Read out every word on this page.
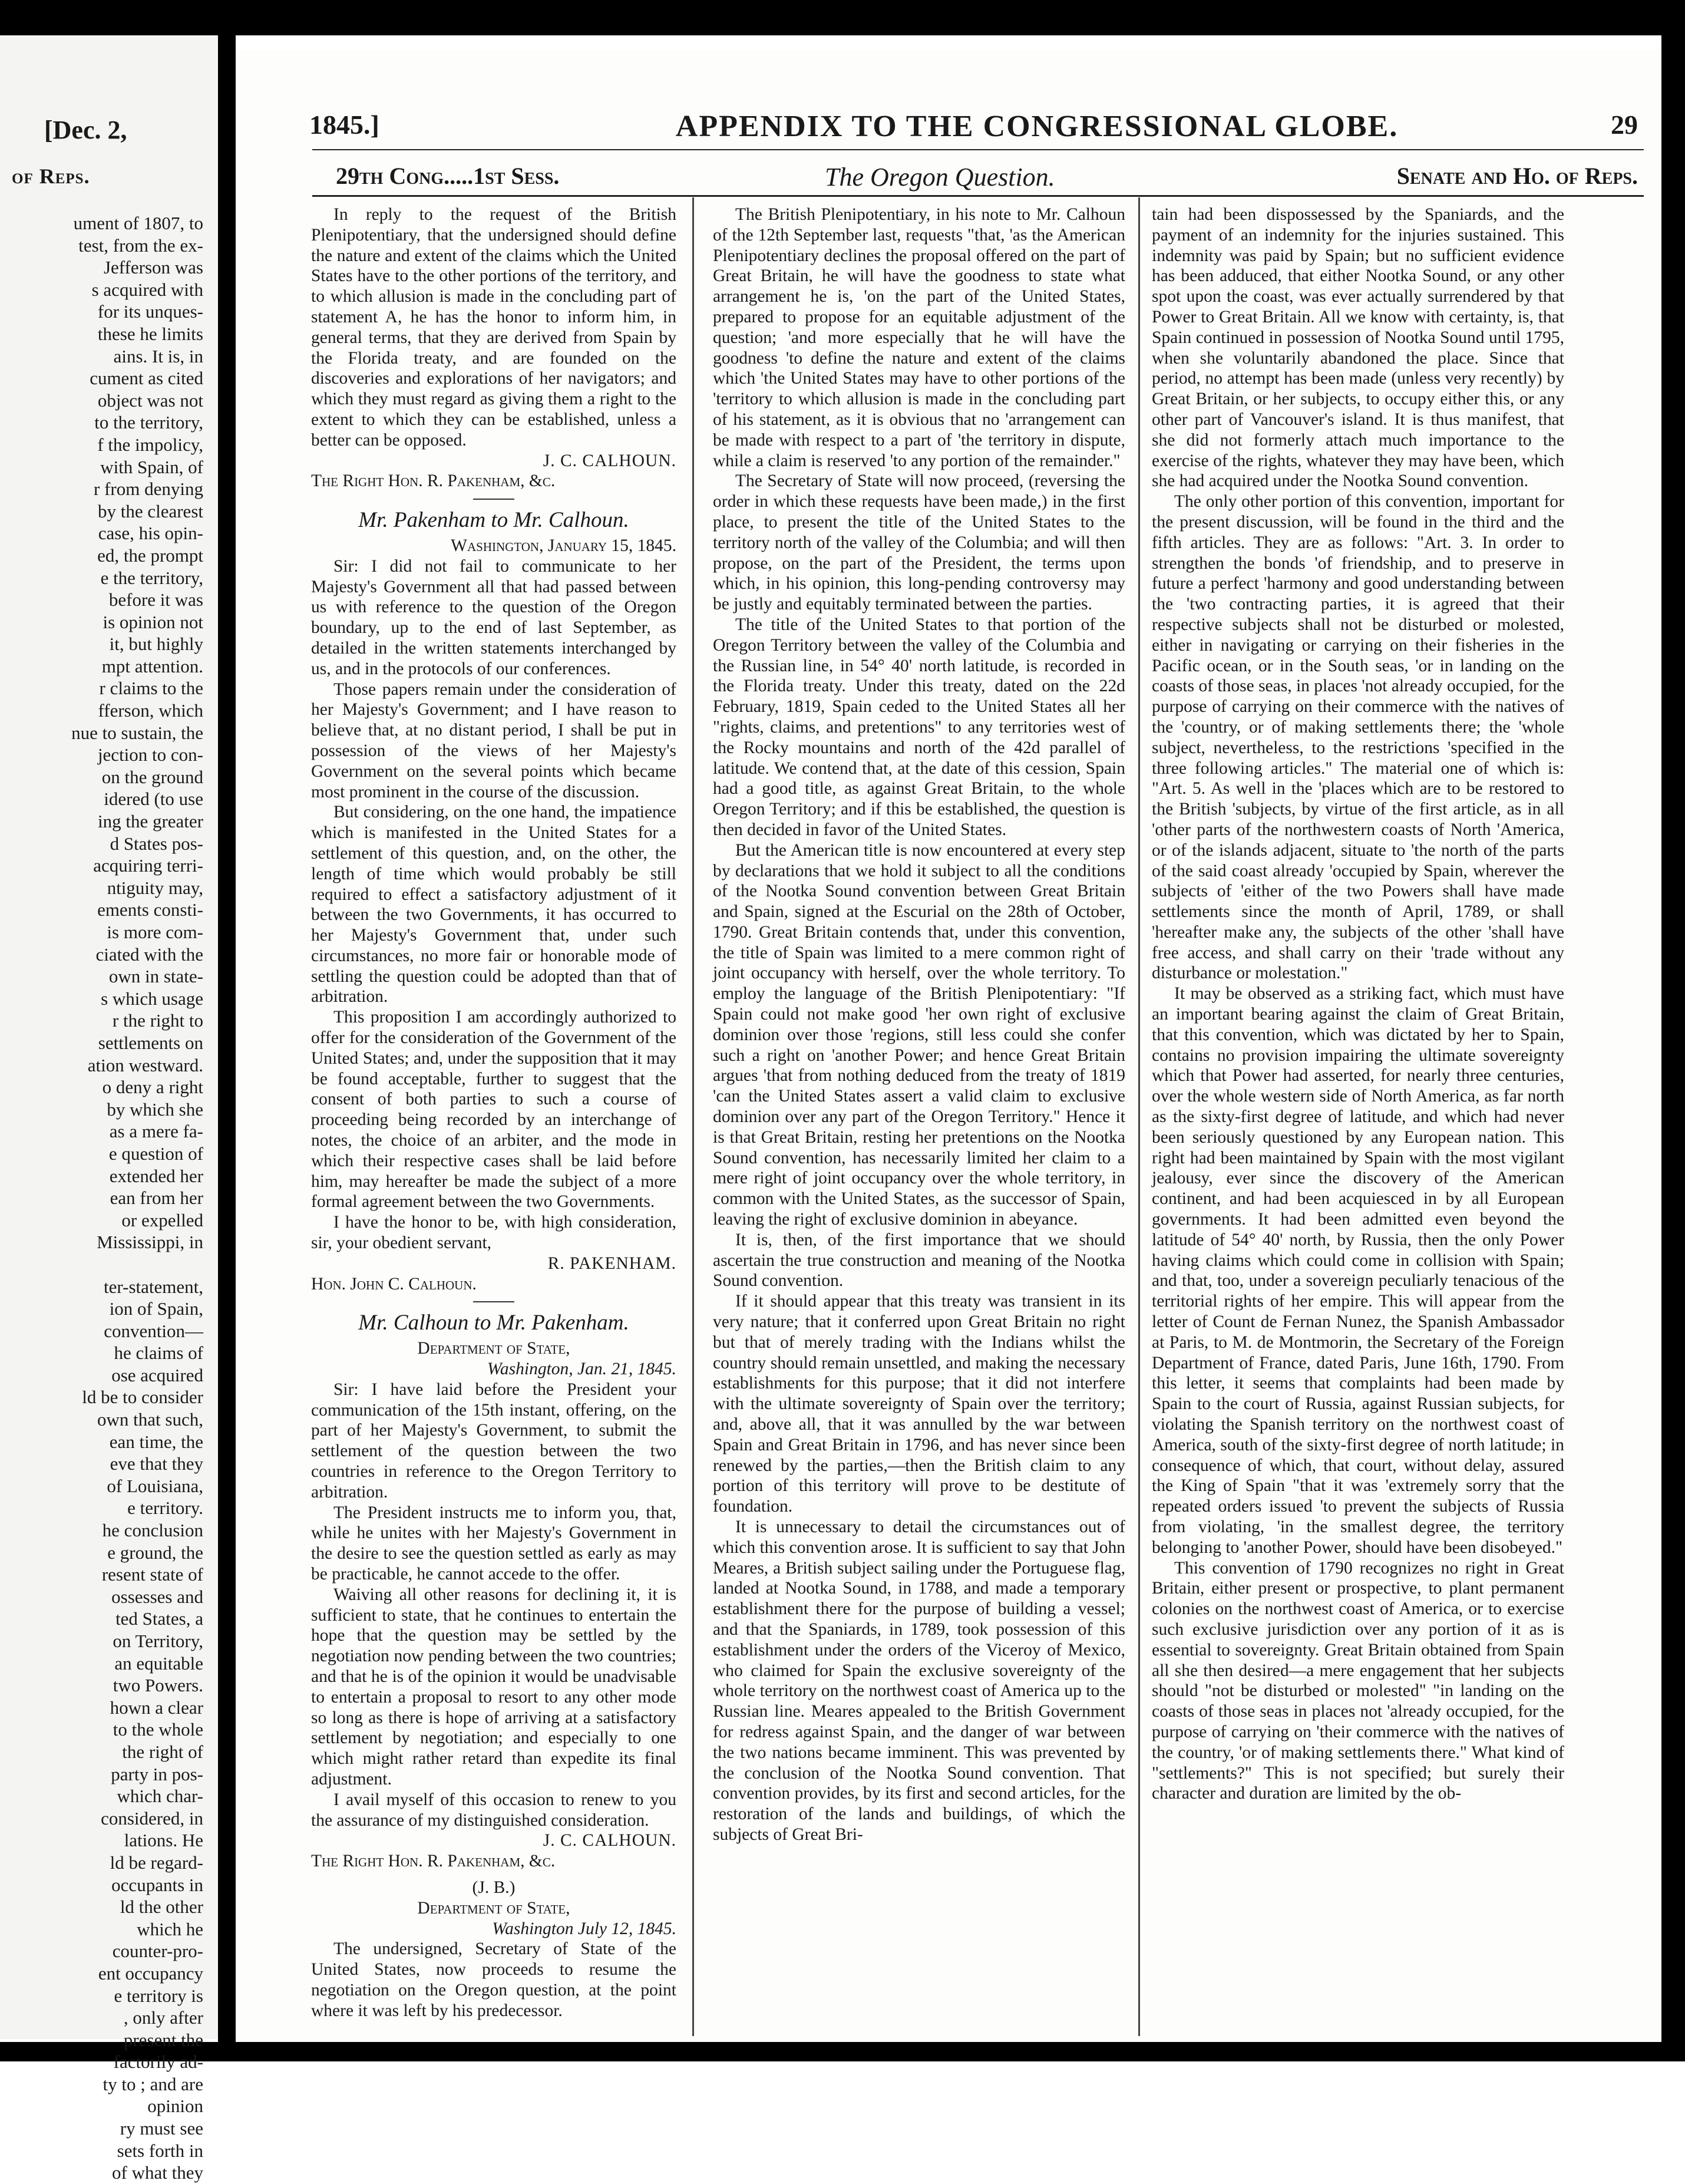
[Dec. 2,
of Reps.
ument of 1807, to
test, from the ex-
Jefferson was
s acquired with
for its unques-
these he limits
ains. It is, in
cument as cited
object was not
to the territory,
f the impolicy,
with Spain, of
r from denying
by the clearest
case, his opin-
ed, the prompt
e the territory,
before it was
is opinion not
it, but highly
mpt attention.
r claims to the
fferson, which
nue to sustain, the
jection to con-
on the ground
idered (to use
ing the greater
d States pos-
acquiring terri-
ntiguity may,
ements consti-
is more com-
ciated with the
own in state-
s which usage
r the right to
settlements on
ation westward.
o deny a right
by which she
as a mere fa-
e question of
extended her
ean from her
or expelled
Mississippi, in
ter-statement,
ion of Spain,
convention—
he claims of
ose acquired
ld be to consider
own that such,
ean time, the
eve that they
of Louisiana,
e territory.
he conclusion
e ground, the
resent state of
ossesses and
ted States, a
on Territory,
an equitable
two Powers.
hown a clear
to the whole
the right of
party in pos-
which char-
considered, in
lations. He
ld be regard-
occupants in
ld the other
which he
counter-pro-
ent occupancy
e territory is
, only after
present the
factorily ad-
ty to ; and are
opinion
ry must see
sets forth in
of what they
1845.]	APPENDIX TO THE CONGRESSIONAL GLOBE.	29
29th Cong.....1st Sess.	The Oregon Question.	Senate and Ho. of Reps.

In reply to the request of the British Plenipotentiary, that the undersigned should define the nature and extent of the claims which the United States have to the other portions of the territory, and to which allusion is made in the concluding part of statement A, he has the honor to inform him, in general terms, that they are derived from Spain by the Florida treaty, and are founded on the discoveries and explorations of her navigators; and which they must regard as giving them a right to the extent to which they can be established, unless a better can be opposed.

J. C. CALHOUN.

The Right Hon. R. Pakenham, &c.

Mr. Pakenham to Mr. Calhoun.

Washington, January 15, 1845.

Sir: I did not fail to communicate to her Majesty's Government all that had passed between us with reference to the question of the Oregon boundary, up to the end of last September, as detailed in the written statements interchanged by us, and in the protocols of our conferences.

Those papers remain under the consideration of her Majesty's Government; and I have reason to believe that, at no distant period, I shall be put in possession of the views of her Majesty's Government on the several points which became most prominent in the course of the discussion.

But considering, on the one hand, the impatience which is manifested in the United States for a settlement of this question, and, on the other, the length of time which would probably be still required to effect a satisfactory adjustment of it between the two Governments, it has occurred to her Majesty's Government that, under such circumstances, no more fair or honorable mode of settling the question could be adopted than that of arbitration.

This proposition I am accordingly authorized to offer for the consideration of the Government of the United States; and, under the supposition that it may be found acceptable, further to suggest that the consent of both parties to such a course of proceeding being recorded by an interchange of notes, the choice of an arbiter, and the mode in which their respective cases shall be laid before him, may hereafter be made the subject of a more formal agreement between the two Governments.

I have the honor to be, with high consideration, sir, your obedient servant,

R. PAKENHAM.

Hon. John C. Calhoun.

Mr. Calhoun to Mr. Pakenham.

Department of State,

Washington, Jan. 21, 1845.

Sir: I have laid before the President your communication of the 15th instant, offering, on the part of her Majesty's Government, to submit the settlement of the question between the two countries in reference to the Oregon Territory to arbitration.

The President instructs me to inform you, that, while he unites with her Majesty's Government in the desire to see the question settled as early as may be practicable, he cannot accede to the offer.

Waiving all other reasons for declining it, it is sufficient to state, that he continues to entertain the hope that the question may be settled by the negotiation now pending between the two countries; and that he is of the opinion it would be unadvisable to entertain a proposal to resort to any other mode so long as there is hope of arriving at a satisfactory settlement by negotiation; and especially to one which might rather retard than expedite its final adjustment.

I avail myself of this occasion to renew to you the assurance of my distinguished consideration.

J. C. CALHOUN.

The Right Hon. R. Pakenham, &c.

(J. B.)

Department of State,

Washington July 12, 1845.

The undersigned, Secretary of State of the United States, now proceeds to resume the negotiation on the Oregon question, at the point where it was left by his predecessor.

The British Plenipotentiary, in his note to Mr. Calhoun of the 12th September last, requests "that, 'as the American Plenipotentiary declines the proposal offered on the part of Great Britain, he will have the goodness to state what arrangement he is, 'on the part of the United States, prepared to propose for an equitable adjustment of the question; 'and more especially that he will have the goodness 'to define the nature and extent of the claims which 'the United States may have to other portions of the 'territory to which allusion is made in the concluding part of his statement, as it is obvious that no 'arrangement can be made with respect to a part of 'the territory in dispute, while a claim is reserved 'to any portion of the remainder."

The Secretary of State will now proceed, (reversing the order in which these requests have been made,) in the first place, to present the title of the United States to the territory north of the valley of the Columbia; and will then propose, on the part of the President, the terms upon which, in his opinion, this long-pending controversy may be justly and equitably terminated between the parties.

The title of the United States to that portion of the Oregon Territory between the valley of the Columbia and the Russian line, in 54° 40' north latitude, is recorded in the Florida treaty. Under this treaty, dated on the 22d February, 1819, Spain ceded to the United States all her "rights, claims, and pretentions" to any territories west of the Rocky mountains and north of the 42d parallel of latitude. We contend that, at the date of this cession, Spain had a good title, as against Great Britain, to the whole Oregon Territory; and if this be established, the question is then decided in favor of the United States.

But the American title is now encountered at every step by declarations that we hold it subject to all the conditions of the Nootka Sound convention between Great Britain and Spain, signed at the Escurial on the 28th of October, 1790. Great Britain contends that, under this convention, the title of Spain was limited to a mere common right of joint occupancy with herself, over the whole territory. To employ the language of the British Plenipotentiary: "If Spain could not make good 'her own right of exclusive dominion over those 'regions, still less could she confer such a right on 'another Power; and hence Great Britain argues 'that from nothing deduced from the treaty of 1819 'can the United States assert a valid claim to exclusive dominion over any part of the Oregon Territory." Hence it is that Great Britain, resting her pretentions on the Nootka Sound convention, has necessarily limited her claim to a mere right of joint occupancy over the whole territory, in common with the United States, as the successor of Spain, leaving the right of exclusive dominion in abeyance.

It is, then, of the first importance that we should ascertain the true construction and meaning of the Nootka Sound convention.

If it should appear that this treaty was transient in its very nature; that it conferred upon Great Britain no right but that of merely trading with the Indians whilst the country should remain unsettled, and making the necessary establishments for this purpose; that it did not interfere with the ultimate sovereignty of Spain over the territory; and, above all, that it was annulled by the war between Spain and Great Britain in 1796, and has never since been renewed by the parties,—then the British claim to any portion of this territory will prove to be destitute of foundation.

It is unnecessary to detail the circumstances out of which this convention arose. It is sufficient to say that John Meares, a British subject sailing under the Portuguese flag, landed at Nootka Sound, in 1788, and made a temporary establishment there for the purpose of building a vessel; and that the Spaniards, in 1789, took possession of this establishment under the orders of the Viceroy of Mexico, who claimed for Spain the exclusive sovereignty of the whole territory on the northwest coast of America up to the Russian line. Meares appealed to the British Government for redress against Spain, and the danger of war between the two nations became imminent. This was prevented by the conclusion of the Nootka Sound convention. That convention provides, by its first and second articles, for the restoration of the lands and buildings, of which the subjects of Great Bri-

tain had been dispossessed by the Spaniards, and the payment of an indemnity for the injuries sustained. This indemnity was paid by Spain; but no sufficient evidence has been adduced, that either Nootka Sound, or any other spot upon the coast, was ever actually surrendered by that Power to Great Britain. All we know with certainty, is, that Spain continued in possession of Nootka Sound until 1795, when she voluntarily abandoned the place. Since that period, no attempt has been made (unless very recently) by Great Britain, or her subjects, to occupy either this, or any other part of Vancouver's island. It is thus manifest, that she did not formerly attach much importance to the exercise of the rights, whatever they may have been, which she had acquired under the Nootka Sound convention.

The only other portion of this convention, important for the present discussion, will be found in the third and the fifth articles. They are as follows: "Art. 3. In order to strengthen the bonds 'of friendship, and to preserve in future a perfect 'harmony and good understanding between the 'two contracting parties, it is agreed that their respective subjects shall not be disturbed or molested, either in navigating or carrying on their fisheries in the Pacific ocean, or in the South seas, 'or in landing on the coasts of those seas, in places 'not already occupied, for the purpose of carrying on their commerce with the natives of the 'country, or of making settlements there; the 'whole subject, nevertheless, to the restrictions 'specified in the three following articles." The material one of which is: "Art. 5. As well in the 'places which are to be restored to the British 'subjects, by virtue of the first article, as in all 'other parts of the northwestern coasts of North 'America, or of the islands adjacent, situate to 'the north of the parts of the said coast already 'occupied by Spain, wherever the subjects of 'either of the two Powers shall have made settlements since the month of April, 1789, or shall 'hereafter make any, the subjects of the other 'shall have free access, and shall carry on their 'trade without any disturbance or molestation."

It may be observed as a striking fact, which must have an important bearing against the claim of Great Britain, that this convention, which was dictated by her to Spain, contains no provision impairing the ultimate sovereignty which that Power had asserted, for nearly three centuries, over the whole western side of North America, as far north as the sixty-first degree of latitude, and which had never been seriously questioned by any European nation. This right had been maintained by Spain with the most vigilant jealousy, ever since the discovery of the American continent, and had been acquiesced in by all European governments. It had been admitted even beyond the latitude of 54° 40' north, by Russia, then the only Power having claims which could come in collision with Spain; and that, too, under a sovereign peculiarly tenacious of the territorial rights of her empire. This will appear from the letter of Count de Fernan Nunez, the Spanish Ambassador at Paris, to M. de Montmorin, the Secretary of the Foreign Department of France, dated Paris, June 16th, 1790. From this letter, it seems that complaints had been made by Spain to the court of Russia, against Russian subjects, for violating the Spanish territory on the northwest coast of America, south of the sixty-first degree of north latitude; in consequence of which, that court, without delay, assured the King of Spain "that it was 'extremely sorry that the repeated orders issued 'to prevent the subjects of Russia from violating, 'in the smallest degree, the territory belonging to 'another Power, should have been disobeyed."

This convention of 1790 recognizes no right in Great Britain, either present or prospective, to plant permanent colonies on the northwest coast of America, or to exercise such exclusive jurisdiction over any portion of it as is essential to sovereignty. Great Britain obtained from Spain all she then desired—a mere engagement that her subjects should "not be disturbed or molested" "in landing on the coasts of those seas in places not 'already occupied, for the purpose of carrying on 'their commerce with the natives of the country, 'or of making settlements there." What kind of "settlements?" This is not specified; but surely their character and duration are limited by the ob-
